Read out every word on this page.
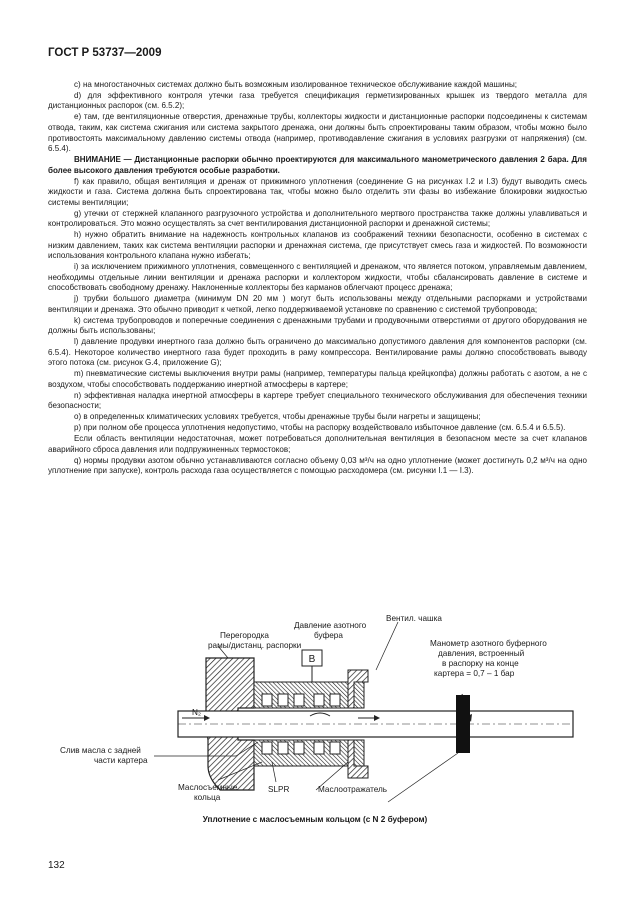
ГОСТ Р 53737—2009

c) на многостаночных системах должно быть возможным изолированное техническое обслуживание каждой машины;

d) для эффективного контроля утечки газа требуется спецификация герметизированных крышек из твердого металла для дистанционных распорок (см. 6.5.2);

e) там, где вентиляционные отверстия, дренажные трубы, коллекторы жидкости и дистанционные распорки подсоединены к системам отвода, таким, как система сжигания или система закрытого дренажа, они должны быть спроектированы таким образом, чтобы можно было противостоять максимальному давлению системы отвода (например, противодавление сжигания в условиях разгрузки от напряжения) (см. 6.5.4).

ВНИМАНИЕ — Дистанционные распорки обычно проектируются для максимального манометрического давления 2 бара. Для более высокого давления требуются особые разработки.

f) как правило, общая вентиляция и дренаж от прижимного уплотнения (соединение G на рисунках I.2 и I.3) будут выводить смесь жидкости и газа. Система должна быть спроектирована так, чтобы можно было отделить эти фазы во избежание блокировки жидкостью системы вентиляции;

g) утечки от стержней клапанного разгрузочного устройства и дополнительного мертвого пространства также должны улавливаться и контролироваться. Это можно осуществлять за счет вентилирования дистанционной распорки и дренажной системы;

h) нужно обратить внимание на надежность контрольных клапанов из соображений техники безопасности, особенно в системах с низким давлением, таких как система вентиляции распорки и дренажная система, где присутствует смесь газа и жидкостей. По возможности использования контрольного клапана нужно избегать;

i) за исключением прижимного уплотнения, совмещенного с вентиляцией и дренажом, что является потоком, управляемым давлением, необходимы отдельные линии вентиляции и дренажа распорки и коллектором жидкости, чтобы сбалансировать давление в системе и способствовать свободному дренажу. Наклоненные коллекторы без карманов облегчают процесс дренажа;

j) трубки большого диаметра (минимум DN 20 мм ) могут быть использованы между отдельными распорками и устройствами вентиляции и дренажа. Это обычно приводит к четкой, легко поддерживаемой установке по сравнению с системой трубопровода;

k) система трубопроводов и поперечные соединения с дренажными трубами и продувочными отверстиями от другого оборудования не должны быть использованы;

l) давление продувки инертного газа должно быть ограничено до максимально допустимого давления для компонентов распорки (см. 6.5.4). Некоторое количество инертного газа будет проходить в раму компрессора. Вентилирование рамы должно способствовать выводу этого потока (см. рисунок G.4, приложение G);

m) пневматические системы выключения внутри рамы (например, температуры пальца крейцкопфа) должны работать с азотом, а не с воздухом, чтобы способствовать поддержанию инертной атмосферы в картере;

n) эффективная наладка инертной атмосферы в картере требует специального технического обслуживания для обеспечения техники безопасности;

o) в определенных климатических условиях требуется, чтобы дренажные трубы были нагреты и защищены;

p) при полном обе процесса уплотнения недопустимо, чтобы на распорку воздействовало избыточное давление (см. 6.5.4 и 6.5.5).

Если область вентиляции недостаточная, может потребоваться дополнительная вентиляция в безопасном месте за счет клапанов аварийного сброса давления или подпружиненных термостоков;

q) нормы продувки азотом обычно устанавливаются согласно объему 0,03 м³/ч на одно уплотнение (может достигнуть 0,2 м³/ч на одно уплотнение при запуске), контроль расхода газа осуществляется с помощью расходомера (см. рисунки I.1 — I.3).

B
Вентил. чашка
Давление азотного
буфера
Перегородка
рамы/дистанц. распорки	Манометр азотного буферного
давления, встроенный
в распорку на конце
картера = 0,7 – 1 бар
N₂
Слив масла с задней
части картера
Маслосъемные
кольца
SLPR	Маслоотражатель
Уплотнение с маслосъемным кольцом (с N 2 буфером)
132
